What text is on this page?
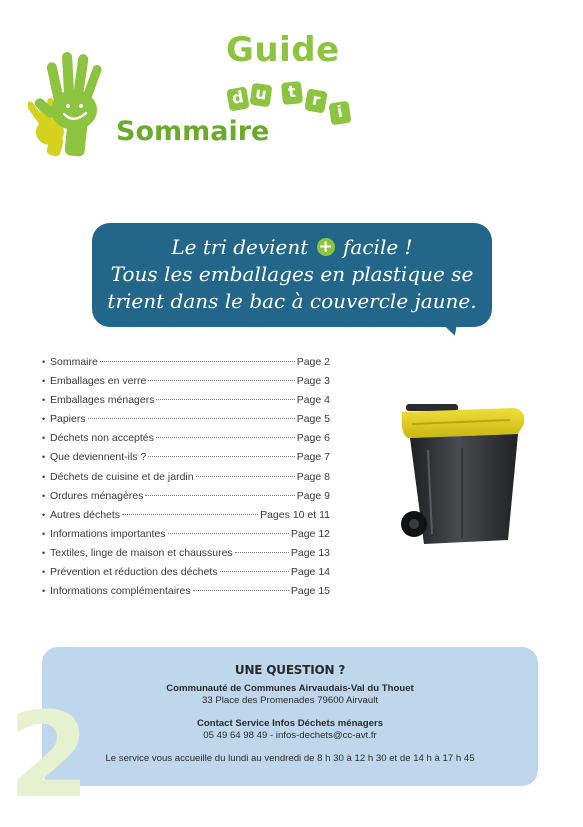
Guide
d u	t r
i
Sommaire
Le tri devient + facile !
Tous les emballages en plastique se
trient dans le bac à couvercle jaune.
• Sommaire	Page 2
• Emballages en verre	Page 3
• Emballages ménagers	Page 4
• Papiers	Page 5
• Déchets non acceptés	Page 6
• Que deviennent-ils ?	Page 7
• Déchets de cuisine et de jardin	Page 8
• Ordures ménagères	Page 9
• Autres déchets	Pages 10 et 11
• Informations importantes	Page 12
• Textiles, linge de maison et chaussures	Page 13
• Prévention et réduction des déchets	Page 14
• Informations complémentaires	Page 15
UNE QUESTION ?
Communauté de Communes Airvaudais-Val du Thouet
33 Place des Promenades 79600 Airvault
Contact Service Infos Déchets ménagers
05 49 64 98 49 - infos-dechets@cc-avt.fr
Le service vous accueille du lundi au vendredi de 8 h 30 à 12 h 30 et de 14 h à 17 h 45
2
